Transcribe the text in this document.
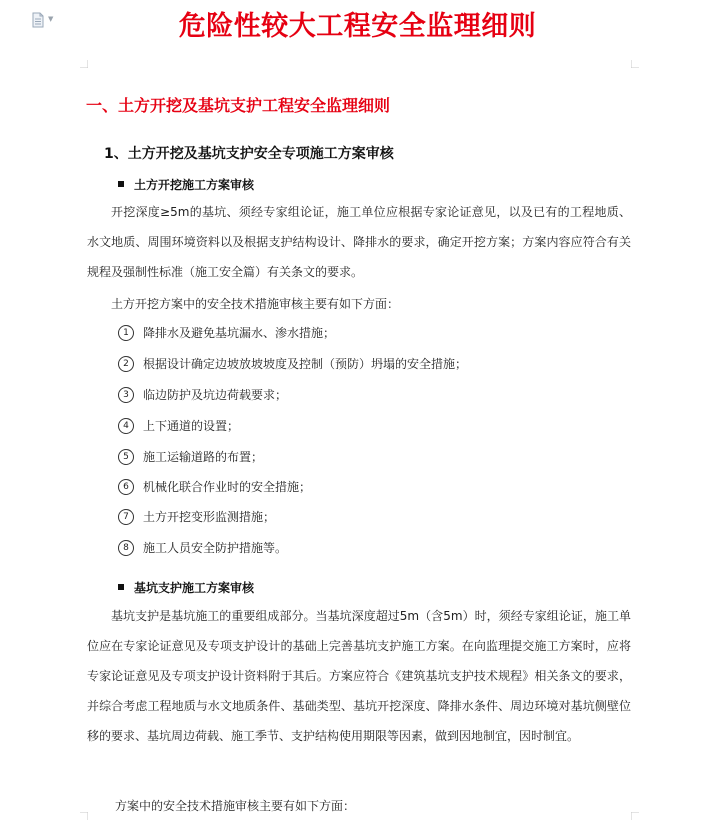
▼	危险性较大工程安全监理细则
一、土方开挖及基坑支护工程安全监理细则
1、土方开挖及基坑支护安全专项施工方案审核
土方开挖施工方案审核
开挖深度≥5m的基坑、须经专家组论证，施工单位应根据专家论证意见，以及已有的工程地质、水文地质、周围环境资料以及根据支护结构设计、降排水的要求，确定开挖方案；方案内容应符合有关规程及强制性标准（施工安全篇）有关条文的要求。
土方开挖方案中的安全技术措施审核主要有如下方面：
1 降排水及避免基坑漏水、渗水措施；
2 根据设计确定边坡放坡坡度及控制（预防）坍塌的安全措施；
3 临边防护及坑边荷载要求；
4 上下通道的设置；
5 施工运输道路的布置；
6 机械化联合作业时的安全措施；
7 土方开挖变形监测措施；
8 施工人员安全防护措施等。
基坑支护施工方案审核
基坑支护是基坑施工的重要组成部分。当基坑深度超过5m（含5m）时，须经专家组论证，施工单位应在专家论证意见及专项支护设计的基础上完善基坑支护施工方案。在向监理提交施工方案时，应将专家论证意见及专项支护设计资料附于其后。方案应符合《建筑基坑支护技术规程》相关条文的要求，并综合考虑工程地质与水文地质条件、基础类型、基坑开挖深度、降排水条件、周边环境对基坑侧壁位移的要求、基坑周边荷载、施工季节、支护结构使用期限等因素，做到因地制宜，因时制宜。
方案中的安全技术措施审核主要有如下方面：
